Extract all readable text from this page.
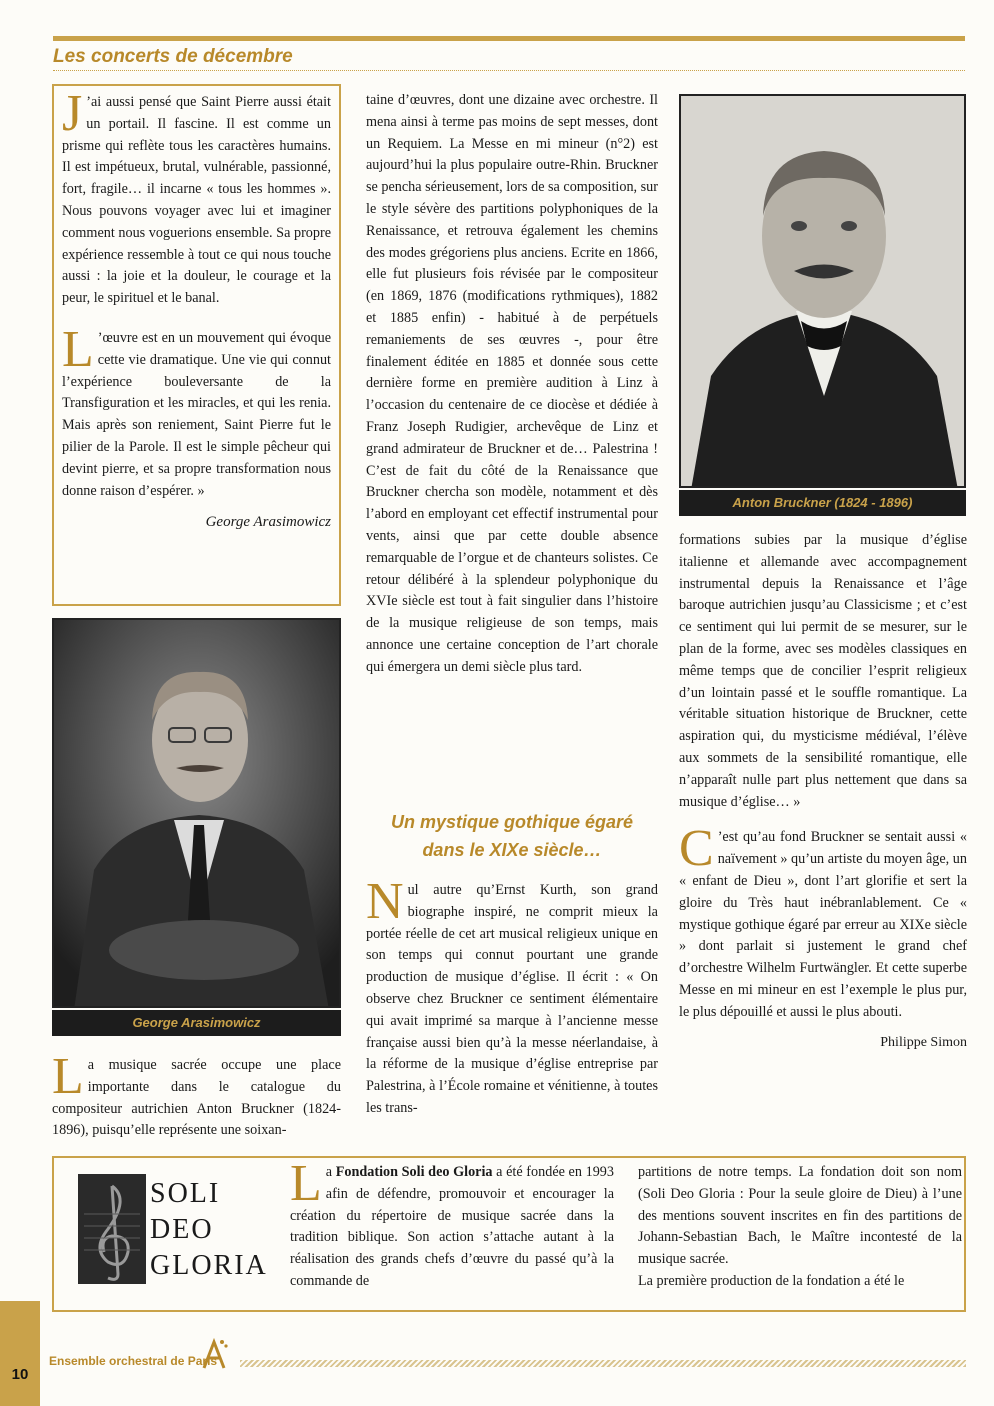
Les concerts de décembre

J ’ai aussi pensé que Saint Pierre aussi était un portail. Il fascine. Il est comme un prisme qui reflète tous les caractères humains. Il est impétueux, brutal, vulnérable, passionné, fort, fragile… il incarne « tous les hommes ». Nous pouvons voyager avec lui et imaginer comment nous voguerions ensemble. Sa propre expérience ressemble à tout ce qui nous touche aussi : la joie et la douleur, le courage et la peur, le spirituel et le banal.

L ’œuvre est en un mouvement qui évoque cette vie dramatique. Une vie qui connut l’expérience bouleversante de la Transfiguration et les miracles, et qui les renia. Mais après son reniement, Saint Pierre fut le pilier de la Parole. Il est le simple pêcheur qui devint pierre, et sa propre transformation nous donne raison d’espérer. »

George Arasimowicz
George Arasimowicz

La musique sacrée occupe une place importante dans le catalogue du compositeur autrichien Anton Bruckner (1824-1896), puisqu’elle représente une soixan-

taine d’œuvres, dont une dizaine avec orchestre. Il mena ainsi à terme pas moins de sept messes, dont un Requiem. La Messe en mi mineur (n°2) est aujourd’hui la plus populaire outre-Rhin. Bruckner se pencha sérieusement, lors de sa composition, sur le style sévère des partitions polyphoniques de la Renaissance, et retrouva également les chemins des modes grégoriens plus anciens. Ecrite en 1866, elle fut plusieurs fois révisée par le compositeur (en 1869, 1876 (modifications rythmiques), 1882 et 1885 enfin) - habitué à de perpétuels remaniements de ses œuvres -, pour être finalement éditée en 1885 et donnée sous cette dernière forme en première audition à Linz à l’occasion du centenaire de ce diocèse et dédiée à Franz Joseph Rudigier, archevêque de Linz et grand admirateur de Bruckner et de… Palestrina ! C’est de fait du côté de la Renaissance que Bruckner chercha son modèle, notamment et dès l’abord en employant cet effectif instrumental pour vents, ainsi que par cette double absence remarquable de l’orgue et de chanteurs solistes. Ce retour délibéré à la splendeur polyphonique du XVIe siècle est tout à fait singulier dans l’histoire de la musique religieuse de son temps, mais annonce une certaine conception de l’art chorale qui émergera un demi siècle plus tard.

Un mystique gothique égaré
dans le XIXe siècle…

Nul autre qu’Ernst Kurth, son grand biographe inspiré, ne comprit mieux la portée réelle de cet art musical religieux unique en son temps qui connut pourtant une grande production de musique d’église. Il écrit : « On observe chez Bruckner ce sentiment élémentaire qui avait imprimé sa marque à l’ancienne messe française aussi bien qu’à la messe néerlandaise, à la réforme de la musique d’église entreprise par Palestrina, à l’École romaine et vénitienne, à toutes les trans-

Anton Bruckner (1824 - 1896)

formations subies par la musique d’église italienne et allemande avec accompagnement instrumental depuis la Renaissance et l’âge baroque autrichien jusqu’au Classicisme ; et c’est ce sentiment qui lui permit de se mesurer, sur le plan de la forme, avec ses modèles classiques en même temps que de concilier l’esprit religieux d’un lointain passé et le souffle romantique. La véritable situation historique de Bruckner, cette aspiration qui, du mysticisme médiéval, l’élève aux sommets de la sensibilité romantique, elle n’apparaît nulle part plus nettement que dans sa musique d’église… »

C ’est qu’au fond Bruckner se sentait aussi « naïvement » qu’un artiste du moyen âge, un « enfant de Dieu », dont l’art glorifie et sert la gloire du Très haut inébranlablement. Ce « mystique gothique égaré par erreur au XIXe siècle » dont parlait si justement le grand chef d’orchestre Wilhelm Furtwängler. Et cette superbe Messe en mi mineur en est l’exemple le plus pur, le plus dépouillé et aussi le plus abouti.

Philippe Simon
SOLI
DEO
GLORIA

La Fondation Soli deo Gloria a été fondée en 1993 afin de défendre, promouvoir et encourager la création du répertoire de musique sacrée dans la tradition biblique. Son action s’attache autant à la réalisation des grands chefs d’œuvre du passé qu’à la commande de

partitions de notre temps. La fondation doit son nom (Soli Deo Gloria : Pour la seule gloire de Dieu) à l’une des mentions souvent inscrites en fin des partitions de Johann-Sebastian Bach, le Maître incontesté de la musique sacrée.

La première production de la fondation a été le

10
Ensemble orchestral de Paris
